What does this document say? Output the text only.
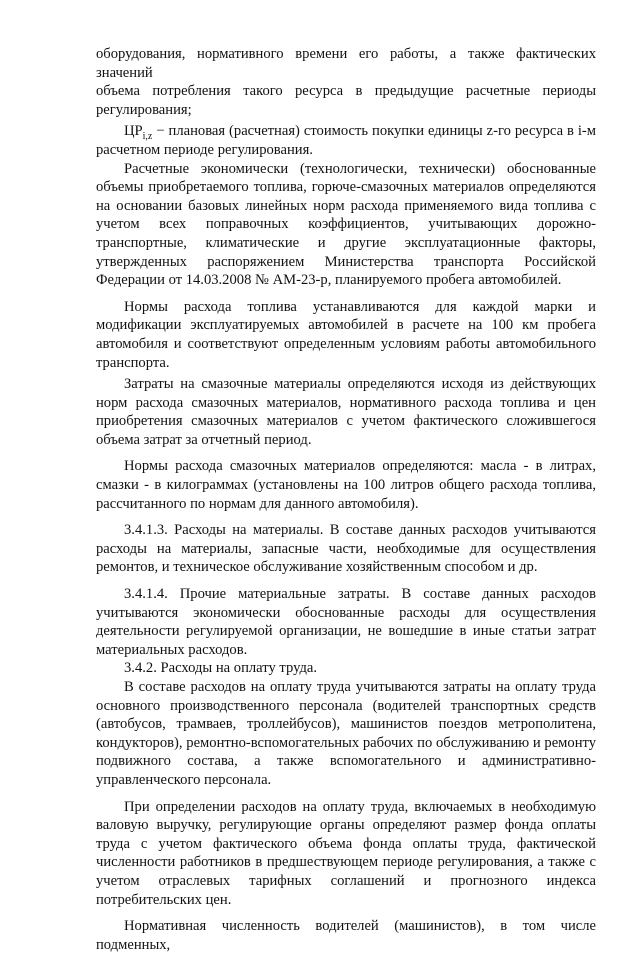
оборудования, нормативного времени его работы, а также фактических значений
объема потребления такого ресурса в предыдущие расчетные периоды
регулирования;

$ЦР_{i,z}$ − плановая (расчетная) стоимость покупки единицы z-го ресурса в i-м расчетном периоде регулирования.

Расчетные экономически (технологически, технически) обоснованные объемы приобретаемого топлива, горюче-смазочных материалов определяются на основании базовых линейных норм расхода применяемого вида топлива с учетом всех поправочных коэффициентов, учитывающих дорожно-транспортные, климатические и другие эксплуатационные факторы, утвержденных распоряжением Министерства транспорта Российской Федерации от 14.03.2008 № АМ-23-р, планируемого пробега автомобилей.

Нормы расхода топлива устанавливаются для каждой марки и модификации эксплуатируемых автомобилей в расчете на 100 км пробега автомобиля и соответствуют определенным условиям работы автомобильного транспорта.

Затраты на смазочные материалы определяются исходя из действующих норм расхода смазочных материалов, нормативного расхода топлива и цен приобретения смазочных материалов с учетом фактического сложившегося объема затрат за отчетный период.

Нормы расхода смазочных материалов определяются: масла - в литрах, смазки - в килограммах (установлены на 100 литров общего расхода топлива, рассчитанного по нормам для данного автомобиля).

3.4.1.3. Расходы на материалы. В составе данных расходов учитываются расходы на материалы, запасные части, необходимые для осуществления ремонтов, и техническое обслуживание хозяйственным способом и др.

3.4.1.4. Прочие материальные затраты. В составе данных расходов учитываются экономически обоснованные расходы для осуществления деятельности регулируемой организации, не вошедшие в иные статьи затрат материальных расходов.

3.4.2. Расходы на оплату труда.

В составе расходов на оплату труда учитываются затраты на оплату труда основного производственного персонала (водителей транспортных средств (автобусов, трамваев, троллейбусов), машинистов поездов метрополитена, кондукторов), ремонтно-вспомогательных рабочих по обслуживанию и ремонту подвижного состава, а также вспомогательного и административно-управленческого персонала.

При определении расходов на оплату труда, включаемых в необходимую валовую выручку, регулирующие органы определяют размер фонда оплаты труда с учетом фактического объема фонда оплаты труда, фактической численности работников в предшествующем периоде регулирования, а также с учетом отраслевых тарифных соглашений и прогнозного индекса потребительских цен.

Нормативная численность водителей (машинистов), в том числе подменных,
